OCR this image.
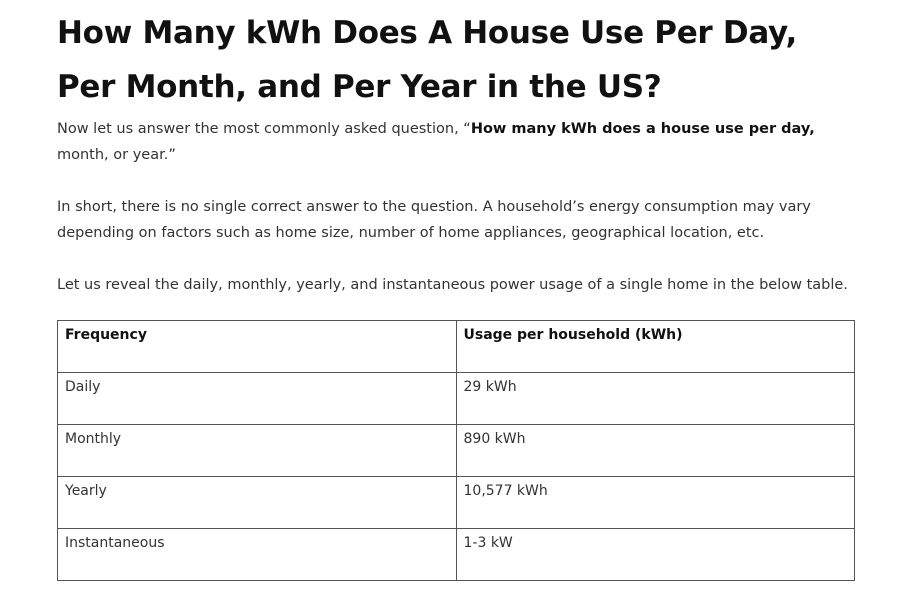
How Many kWh Does A House Use Per Day, Per Month, and Per Year in the US?

Now let us answer the most commonly asked question, “How many kWh does a house use per day, month, or year.”

In short, there is no single correct answer to the question. A household’s energy consumption may vary depending on factors such as home size, number of home appliances, geographical location, etc.

Let us reveal the daily, monthly, yearly, and instantaneous power usage of a single home in the below table.

Frequency	Usage per household (kWh)

Daily	29 kWh

Monthly	890 kWh

Yearly	10,577 kWh

Instantaneous	1-3 kW
